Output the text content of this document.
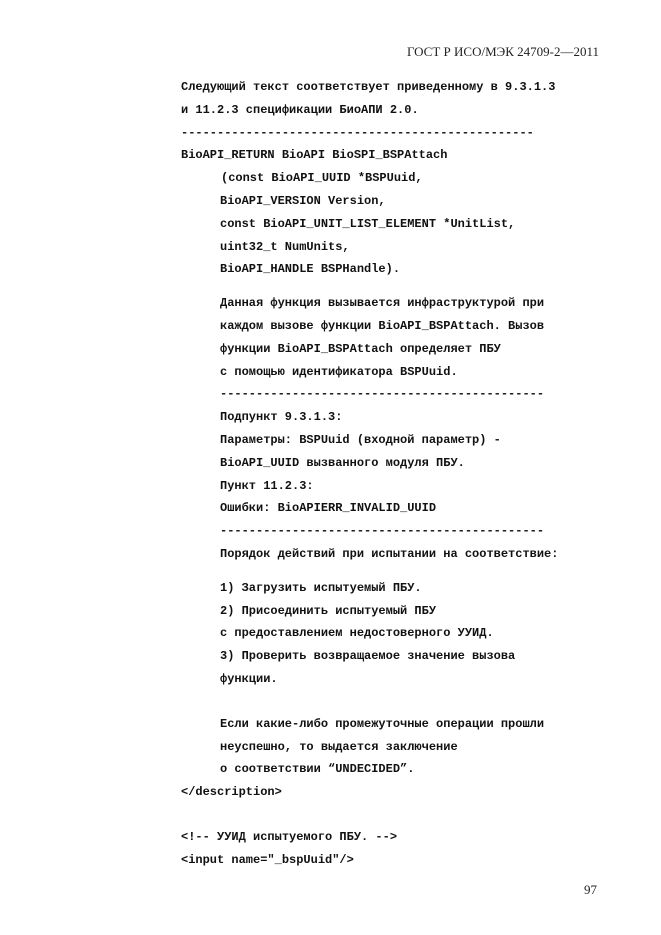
ГОСТ Р ИСО/МЭК 24709-2—2011
Следующий текст соответствует приведенному в 9.3.1.3
и 11.2.3 спецификации БиоАПИ 2.0.
-------------------------------------------------
BioAPI_RETURN BioAPI BioSPI_BSPAttach
(const BioAPI_UUID *BSPUuid,
BioAPI_VERSION Version,
const BioAPI_UNIT_LIST_ELEMENT *UnitList,
uint32_t NumUnits,
BioAPI_HANDLE BSPHandle).
Данная функция вызывается инфраструктурой при
каждом вызове функции BioAPI_BSPAttach. Вызов
функции BioAPI_BSPAttach определяет ПБУ
с помощью идентификатора BSPUuid.
---------------------------------------------
Подпункт 9.3.1.3:
Параметры: BSPUuid (входной параметр) -
BioAPI_UUID вызванного модуля ПБУ.
Пункт 11.2.3:
Ошибки: BioAPIERR_INVALID_UUID
---------------------------------------------
Порядок действий при испытании на соответствие:
1) Загрузить испытуемый ПБУ.
2) Присоединить испытуемый ПБУ
с предоставлением недостоверного УУИД.
3) Проверить возвращаемое значение вызова
функции.
Если какие-либо промежуточные операции прошли
неуспешно, то выдается заключение
о соответствии “UNDECIDED”.
</description>
<!-- УУИД испытуемого ПБУ. -->
<input name="_bspUuid"/>
97
